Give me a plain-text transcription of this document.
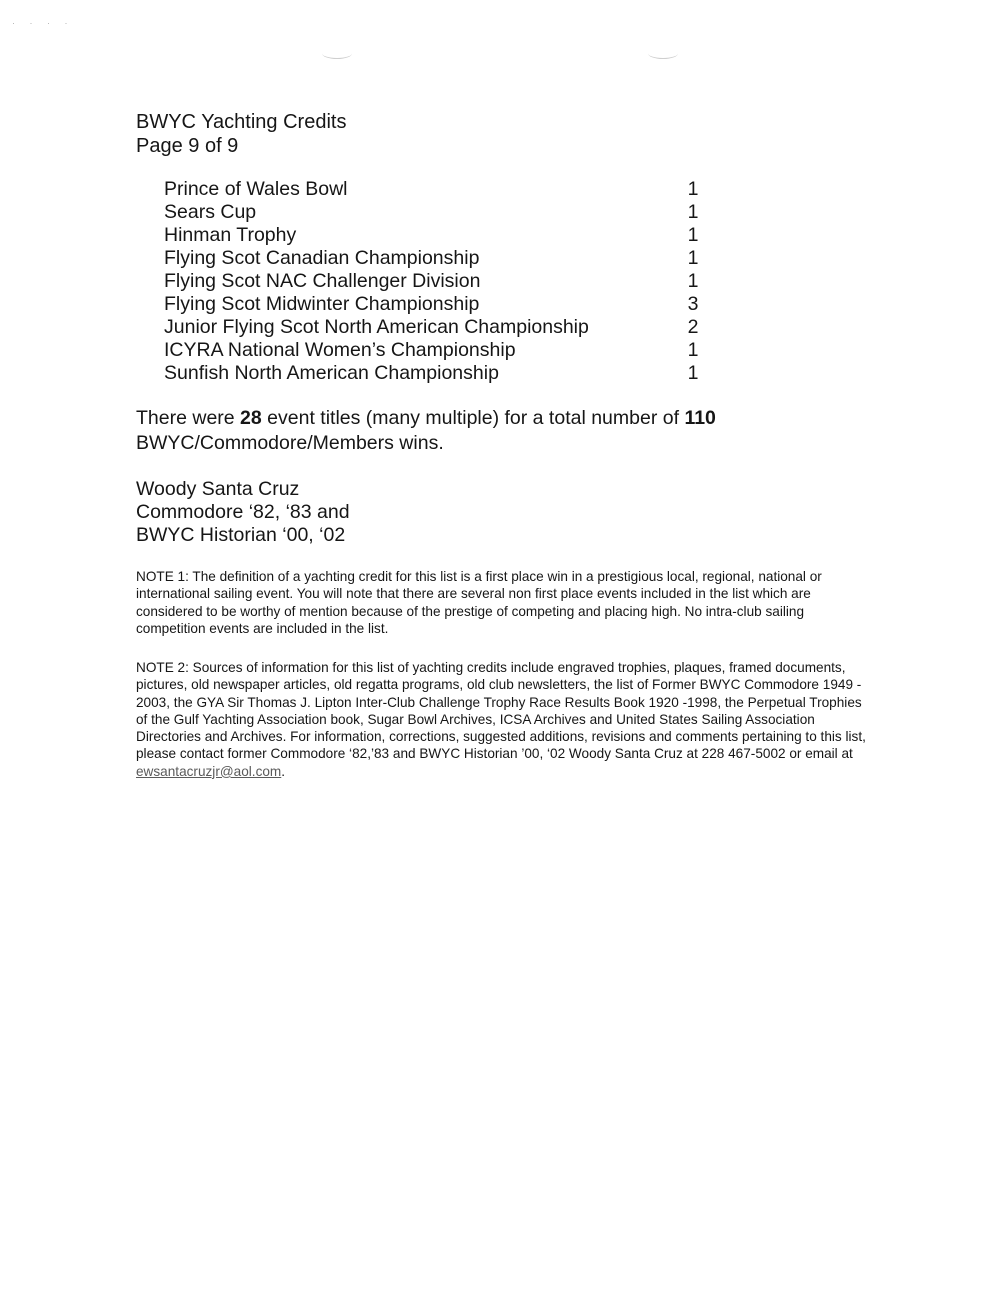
· · · ·
BWYC Yachting Credits
Page 9 of 9
Prince of Wales Bowl	1
Sears Cup	1
Hinman Trophy	1
Flying Scot Canadian Championship	1
Flying Scot NAC Challenger Division	1
Flying Scot Midwinter Championship	3
Junior Flying Scot North American Championship	2
ICYRA National Women’s Championship	1
Sunfish North American Championship	1
There were 28 event titles (many multiple) for a total number of 110
BWYC/Commodore/Members wins.
Woody Santa Cruz
Commodore ‘82, ‘83 and
BWYC Historian ‘00, ‘02
NOTE 1: The definition of a yachting credit for this list is a first place win in a prestigious local, regional, national or international sailing event. You will note that there are several non first place events included in the list which are considered to be worthy of mention because of the prestige of competing and placing high. No intra-club sailing competition events are included in the list.
NOTE 2: Sources of information for this list of yachting credits include engraved trophies, plaques, framed documents, pictures, old newspaper articles, old regatta programs, old club newsletters, the list of Former BWYC Commodore 1949 - 2003, the GYA Sir Thomas J. Lipton Inter-Club Challenge Trophy Race Results Book 1920 -1998, the Perpetual Trophies of the Gulf Yachting Association book, Sugar Bowl Archives, ICSA Archives and United States Sailing Association Directories and Archives. For information, corrections, suggested additions, revisions and comments pertaining to this list, please contact former Commodore ‘82,’83 and BWYC Historian ’00, ‘02 Woody Santa Cruz at 228 467-5002 or email at ewsantacruzjr@aol.com.
